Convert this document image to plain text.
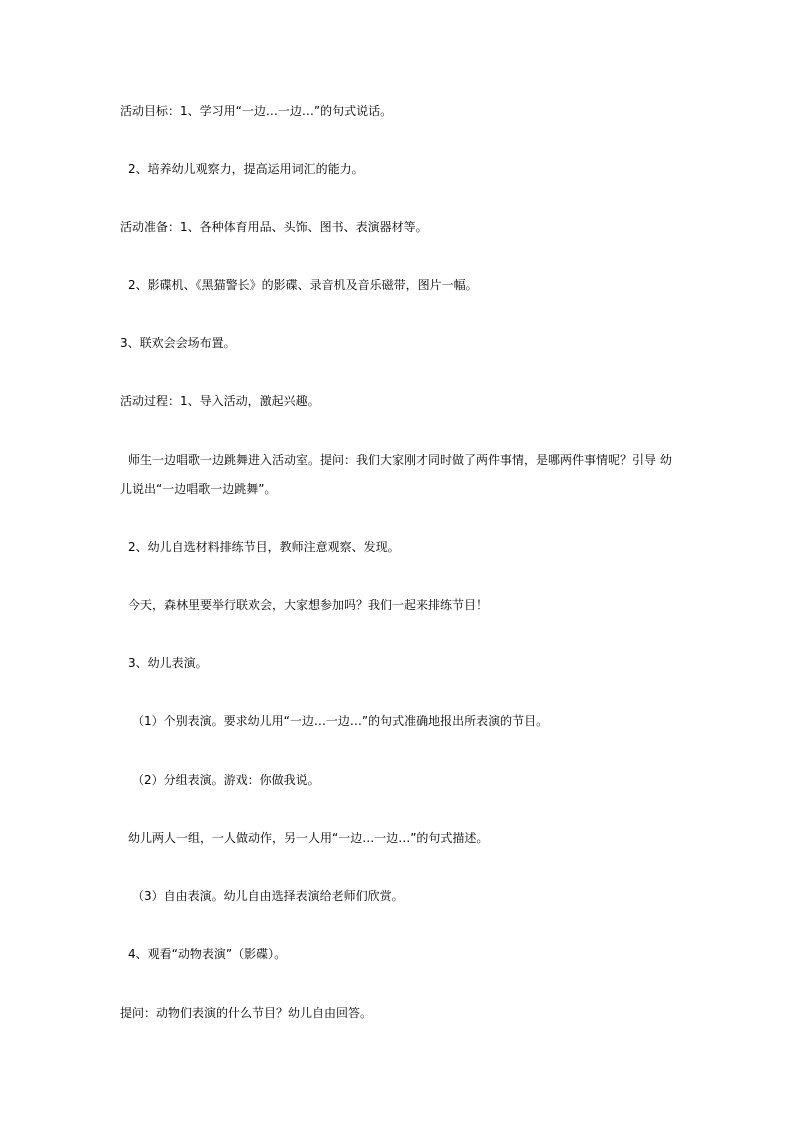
活动目标：1、学习用“一边…一边…”的句式说话。
2、培养幼儿观察力，提高运用词汇的能力。
活动准备：1、各种体育用品、头饰、图书、表演器材等。
2、影碟机、《黑猫警长》的影碟、录音机及音乐磁带，图片一幅。
3、联欢会会场布置。
活动过程：1、导入活动，激起兴趣。
师生一边唱歌一边跳舞进入活动室。提问：我们大家刚才同时做了两件事情，是哪两件事情呢？引导 幼
儿说出“一边唱歌一边跳舞”。
2、幼儿自选材料排练节目，教师注意观察、发现。
今天，森林里要举行联欢会，大家想参加吗？我们一起来排练节目！
3、幼儿表演。
（1）个别表演。要求幼儿用“一边…一边…”的句式准确地报出所表演的节目。
（2）分组表演。游戏：你做我说。
幼儿两人一组，一人做动作，另一人用“一边…一边…”的句式描述。
（3）自由表演。幼儿自由选择表演给老师们欣赏。
4、观看“动物表演”（影碟）。
提问：动物们表演的什么节目？幼儿自由回答。
